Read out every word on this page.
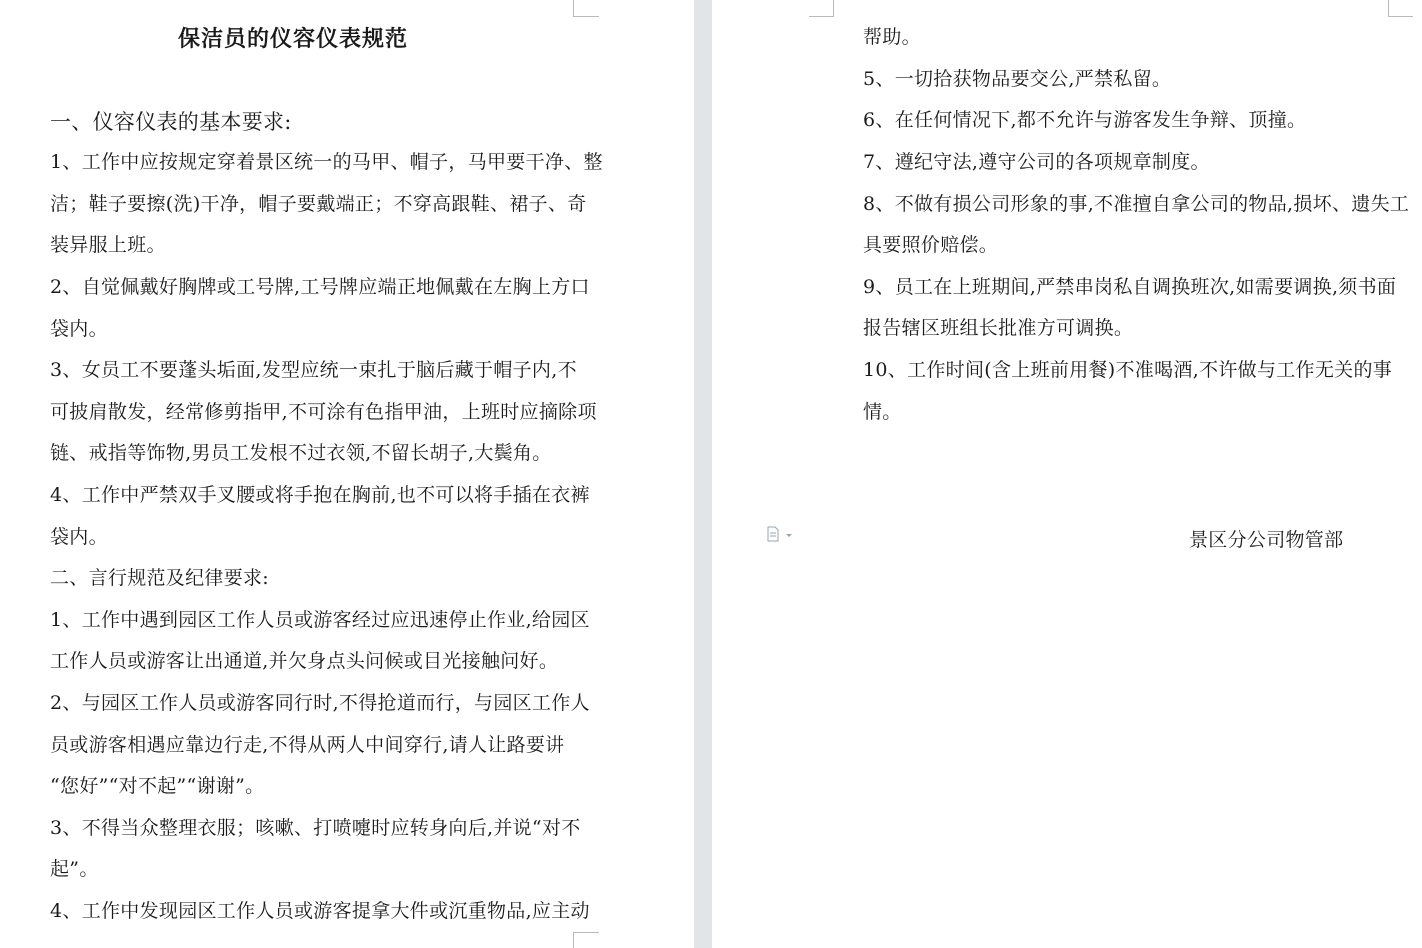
保洁员的仪容仪表规范

一、仪容仪表的基本要求:

1、工作中应按规定穿着景区统一的马甲、帽子，马甲要干净、整

洁；鞋子要擦(洗)干净，帽子要戴端正；不穿高跟鞋、裙子、奇

装异服上班。

2、自觉佩戴好胸牌或工号牌,工号牌应端正地佩戴在左胸上方口

袋内。

3、女员工不要蓬头垢面,发型应统一束扎于脑后藏于帽子内,不

可披肩散发，经常修剪指甲,不可涂有色指甲油，上班时应摘除项

链、戒指等饰物,男员工发根不过衣领,不留长胡子,大鬓角。

4、工作中严禁双手叉腰或将手抱在胸前,也不可以将手插在衣裤

袋内。

二、言行规范及纪律要求:

1、工作中遇到园区工作人员或游客经过应迅速停止作业,给园区

工作人员或游客让出通道,并欠身点头问候或目光接触问好。

2、与园区工作人员或游客同行时,不得抢道而行，与园区工作人

员或游客相遇应靠边行走,不得从两人中间穿行,请人让路要讲

“您好”“对不起”“谢谢”。

3、不得当众整理衣服；咳嗽、打喷嚏时应转身向后,并说“对不

起”。

4、工作中发现园区工作人员或游客提拿大件或沉重物品,应主动

帮助。

5、一切拾获物品要交公,严禁私留。

6、在任何情况下,都不允许与游客发生争辩、顶撞。

7、遵纪守法,遵守公司的各项规章制度。

8、不做有损公司形象的事,不准擅自拿公司的物品,损坏、遗失工

具要照价赔偿。

9、员工在上班期间,严禁串岗私自调换班次,如需要调换,须书面

报告辖区班组长批准方可调换。

10、工作时间(含上班前用餐)不准喝酒,不许做与工作无关的事

情。

景区分公司物管部
